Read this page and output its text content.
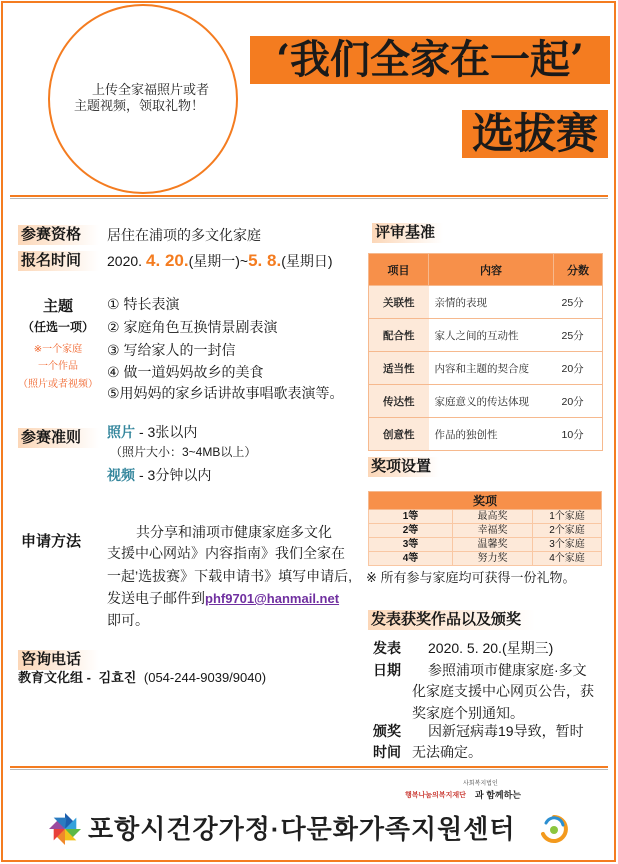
上传全家福照片或者
主题视频，领取礼物！
‘我们全家在一起’
选拔赛
参赛资格	居住在浦项的多文化家庭
报名时间	2020. 4. 20.(星期一)~5. 8.(星期日)
主题
（任选一项）
※一个家庭
一个作品
（照片或者视频）
① 特长表演
② 家庭角色互换情景剧表演
③ 写给家人的一封信
④ 做一道妈妈故乡的美食
⑤用妈妈的家乡话讲故事唱歌表演等。
参赛准则	照片 - 3张以内
（照片大小：3~4MB以上）
视频 - 3分钟以内
申请方法
共分享和浦项市健康家庭多文化
支援中心网站》内容指南》我们全家在
一起’选拔赛》下载申请书》填写申请后,
发送电子邮件到phf9701@hanmail.net
即可。
咨询电话
教育文化组 - 김효진 (054-244-9039/9040)
评审基准
项目	内容	分数
关联性	亲情的表现	25分
配合性	家人之间的互动性	25分
适当性	内容和主题的契合度	20分
传达性	家庭意义的传达体现	20分
创意性	作品的独创性	10分
奖项设置
奖项		
1等	最高奖	1个家庭
2等	幸福奖	2个家庭
3等	温馨奖	3个家庭
4等	努力奖	4个家庭
※ 所有参与家庭均可获得一份礼物。
发表获奖作品以及颁奖
发表 2020. 5. 20.(星期三)
日期 参照浦项市健康家庭·多文
化家庭支援中心网页公告，获
奖家庭个别通知。
颁奖 因新冠病毒19导致，暂时
时间 无法确定。
사회복지법인
행복나눔의복지재단 과 함께하는
포항시건강가정·다문화가족지원센터
